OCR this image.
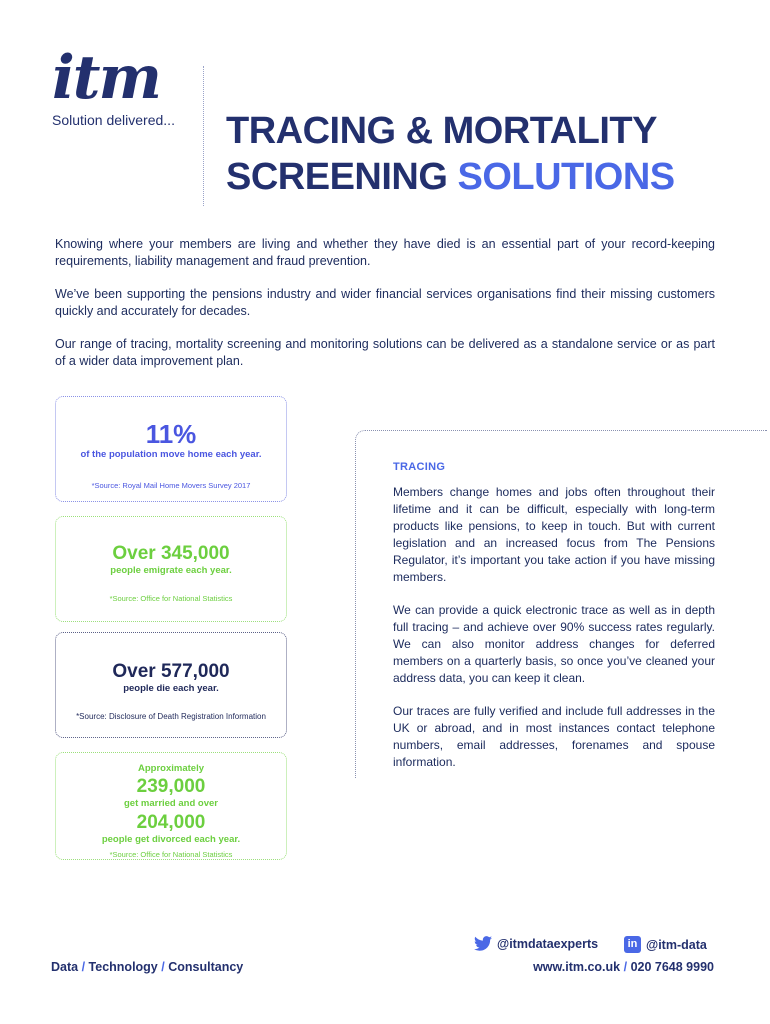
itm
Solution delivered...	TRACING & MORTALITY
SCREENING SOLUTIONS

Knowing where your members are living and whether they have died is an essential part of your record-keeping requirements, liability management and fraud prevention.

We’ve been supporting the pensions industry and wider financial services organisations find their missing customers quickly and accurately for decades.

Our range of tracing, mortality screening and monitoring solutions can be delivered as a standalone service or as part of a wider data improvement plan.

11%
of the population move home each year.
*Source: Royal Mail Home Movers Survey 2017
Over 345,000
people emigrate each year.
*Source: Office for National Statistics
Over 577,000
people die each year.
*Source: Disclosure of Death Registration Information
Approximately
239,000
get married and over
204,000
people get divorced each year.
*Source: Office for National Statistics
TRACING

Members change homes and jobs often throughout their lifetime and it can be difficult, especially with long-term products like pensions, to keep in touch. But with current legislation and an increased focus from The Pensions Regulator, it’s important you take action if you have missing members.

We can provide a quick electronic trace as well as in depth full tracing – and achieve over 90% success rates regularly. We can also monitor address changes for deferred members on a quarterly basis, so once you’ve cleaned your address data, you can keep it clean.

Our traces are fully verified and include full addresses in the UK or abroad, and in most instances contact telephone numbers, email addresses, forenames and spouse information.

Data / Technology / Consultancy
@itmdataexperts	in @itm-data
www.itm.co.uk / 020 7648 9990
